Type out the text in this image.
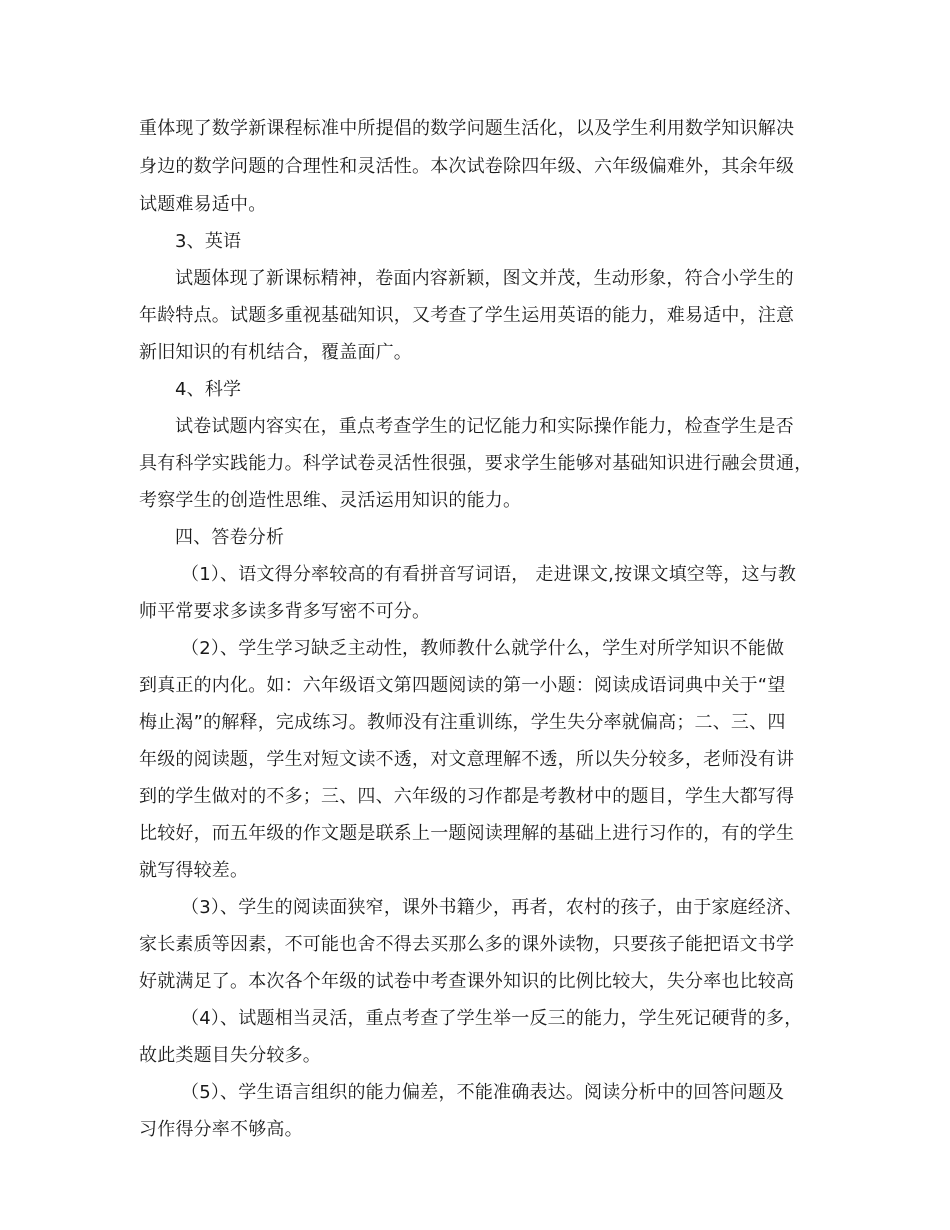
重体现了数学新课程标准中所提倡的数学问题生活化，以及学生利用数学知识解决
身边的数学问题的合理性和灵活性。本次试卷除四年级、六年级偏难外，其余年级
试题难易适中。
3、英语
试题体现了新课标精神，卷面内容新颖，图文并茂，生动形象，符合小学生的
年龄特点。试题多重视基础知识，又考查了学生运用英语的能力，难易适中，注意
新旧知识的有机结合，覆盖面广。
4、科学
试卷试题内容实在，重点考查学生的记忆能力和实际操作能力，检查学生是否
具有科学实践能力。科学试卷灵活性很强，要求学生能够对基础知识进行融会贯通，
考察学生的创造性思维、灵活运用知识的能力。
四、答卷分析
（1）、语文得分率较高的有看拼音写词语， 走进课文,按课文填空等，这与教
师平常要求多读多背多写密不可分。
（2）、学生学习缺乏主动性，教师教什么就学什么，学生对所学知识不能做
到真正的内化。如：六年级语文第四题阅读的第一小题：阅读成语词典中关于“望
梅止渴”的解释，完成练习。教师没有注重训练，学生失分率就偏高；二、三、四
年级的阅读题，学生对短文读不透，对文意理解不透，所以失分较多，老师没有讲
到的学生做对的不多；三、四、六年级的习作都是考教材中的题目，学生大都写得
比较好，而五年级的作文题是联系上一题阅读理解的基础上进行习作的，有的学生
就写得较差。
（3）、学生的阅读面狭窄，课外书籍少，再者，农村的孩子，由于家庭经济、
家长素质等因素，不可能也舍不得去买那么多的课外读物，只要孩子能把语文书学
好就满足了。本次各个年级的试卷中考查课外知识的比例比较大，失分率也比较高
（4）、试题相当灵活，重点考查了学生举一反三的能力，学生死记硬背的多，
故此类题目失分较多。
（5）、学生语言组织的能力偏差，不能准确表达。阅读分析中的回答问题及
习作得分率不够高。
